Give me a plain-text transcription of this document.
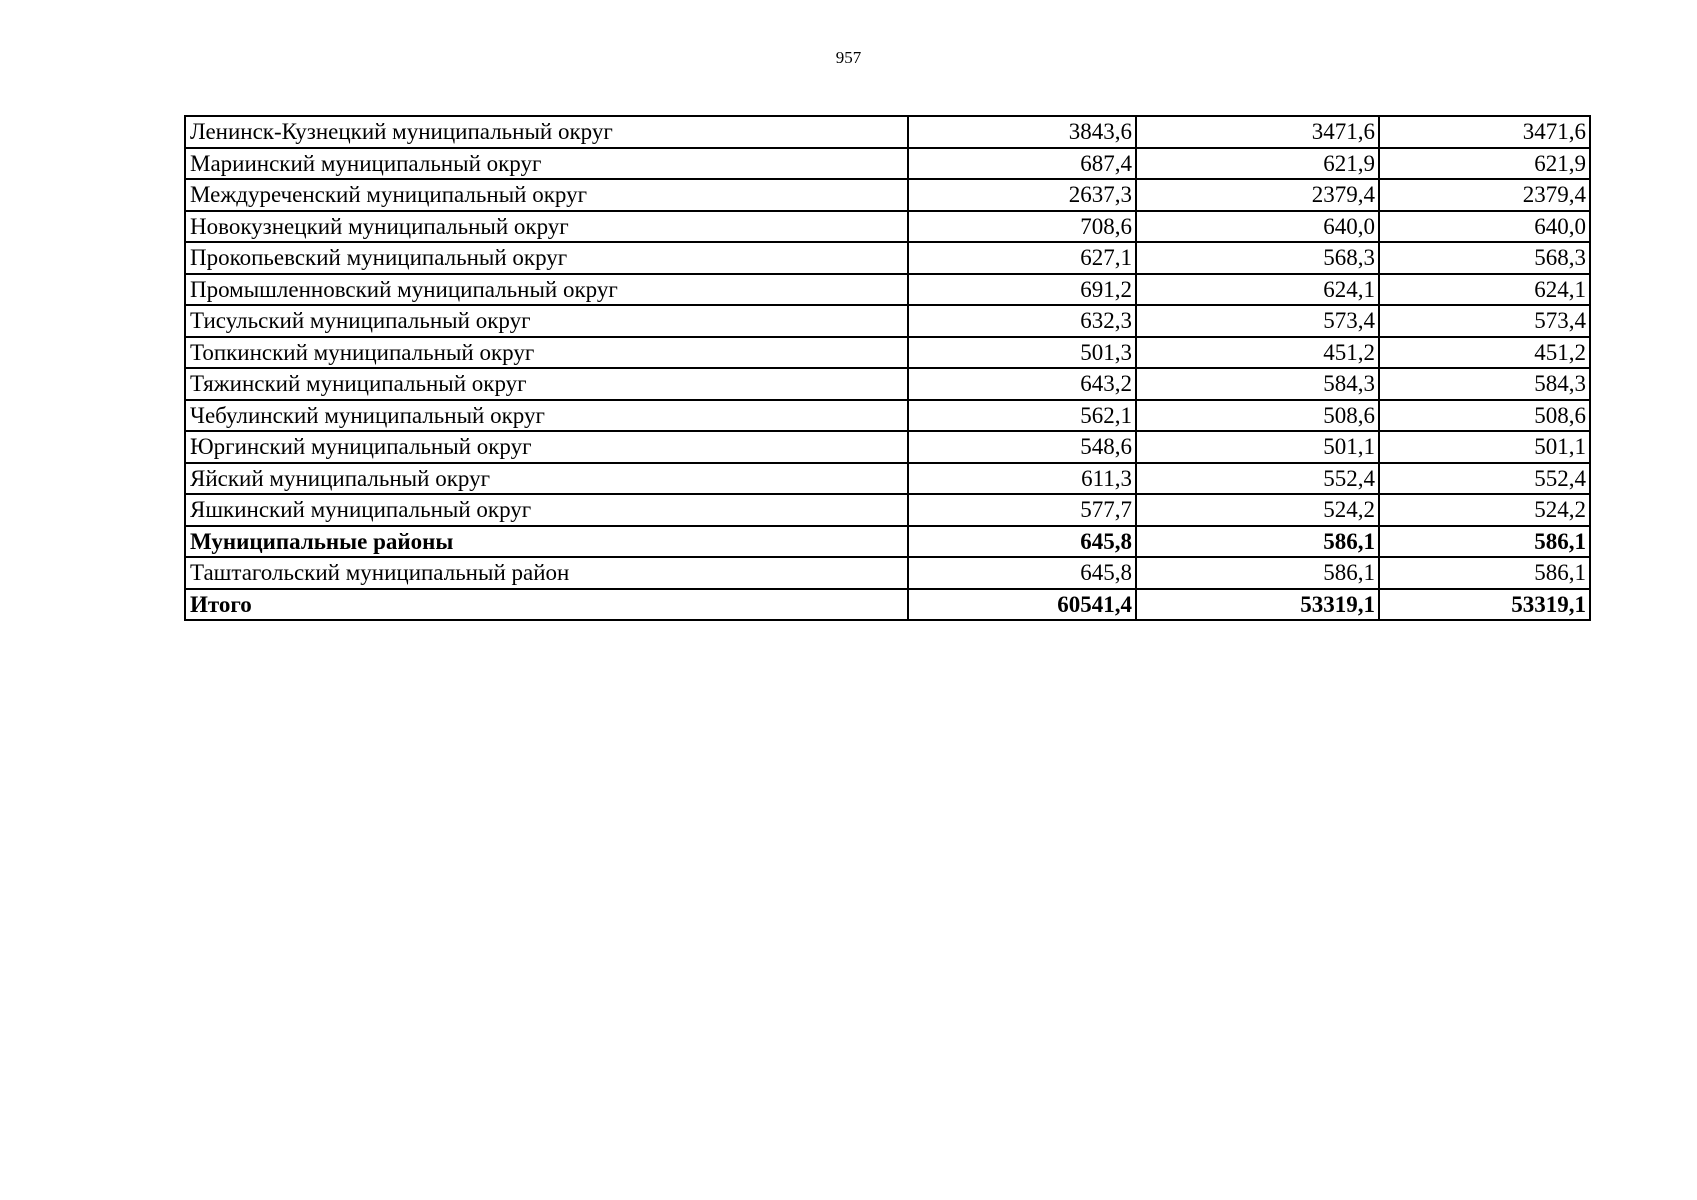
957
Ленинск-Кузнецкий муниципальный округ	3843,6	3471,6	3471,6
Мариинский муниципальный округ	687,4	621,9	621,9
Междуреченский муниципальный округ	2637,3	2379,4	2379,4
Новокузнецкий муниципальный округ	708,6	640,0	640,0
Прокопьевский муниципальный округ	627,1	568,3	568,3
Промышленновский муниципальный округ	691,2	624,1	624,1
Тисульский муниципальный округ	632,3	573,4	573,4
Топкинский муниципальный округ	501,3	451,2	451,2
Тяжинский муниципальный округ	643,2	584,3	584,3
Чебулинский муниципальный округ	562,1	508,6	508,6
Юргинский муниципальный округ	548,6	501,1	501,1
Яйский муниципальный округ	611,3	552,4	552,4
Яшкинский муниципальный округ	577,7	524,2	524,2
Муниципальные районы	645,8	586,1	586,1
Таштагольский муниципальный район	645,8	586,1	586,1
Итого	60541,4	53319,1	53319,1
